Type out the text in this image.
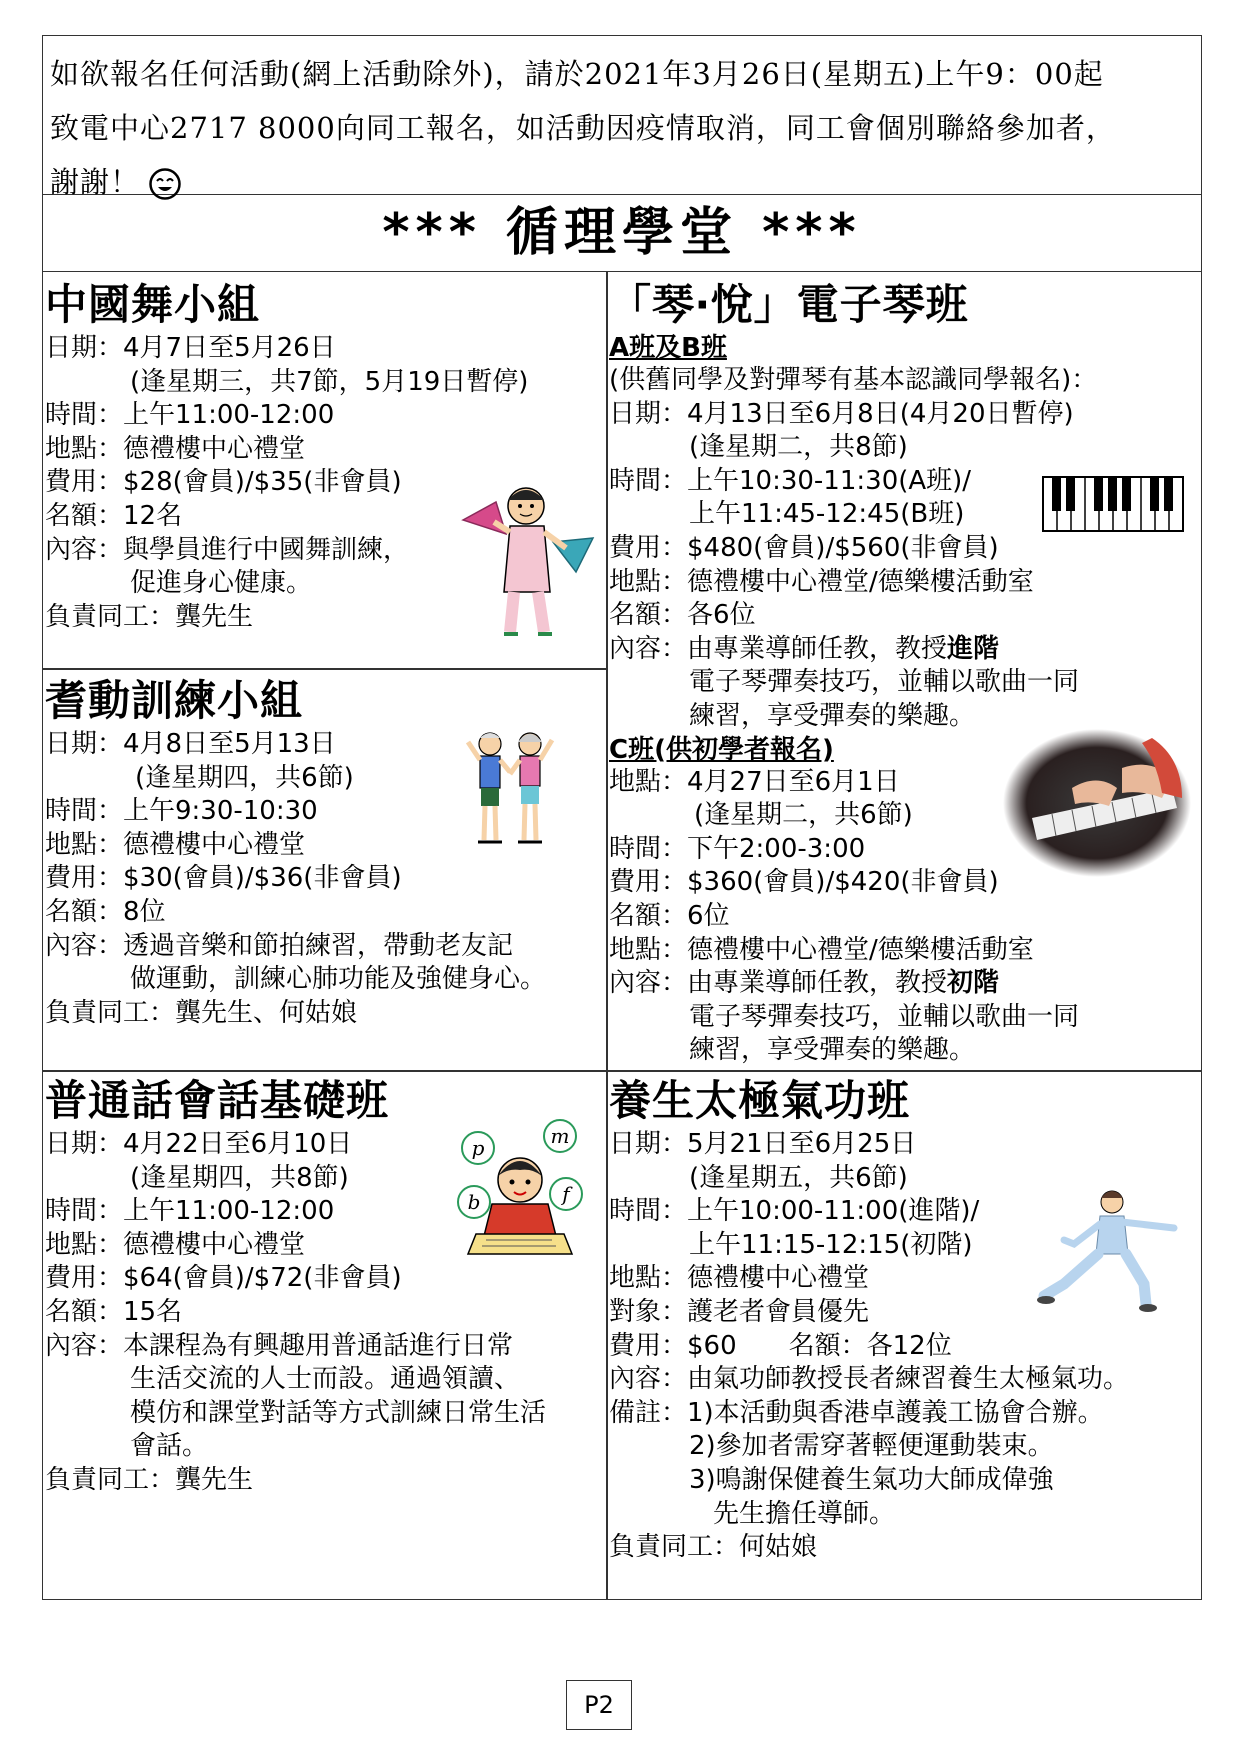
如欲報名任何活動(網上活動除外)，請於2021年3月26日(星期五)上午9：00起
致電中心2717 8000向同工報名，如活動因疫情取消，同工會個別聯絡參加者，
謝謝！
*** 循理學堂 ***
中國舞小組
日期：4月7日至5月26日
(逢星期三，共7節，5月19日暫停)
時間：上午11:00-12:00
地點：德禮樓中心禮堂
費用：$28(會員)/$35(非會員)
名額：12名
內容：與學員進行中國舞訓練，
促進身心健康。
負責同工：龔先生
耆動訓練小組
日期：4月8日至5月13日
(逢星期四，共6節)
時間：上午9:30-10:30
地點：德禮樓中心禮堂
費用：$30(會員)/$36(非會員)
名額：8位
內容：透過音樂和節拍練習，帶動老友記
做運動，訓練心肺功能及強健身心。
負責同工：龔先生、何姑娘
「琴‧悅」電子琴班
A班及B班
(供舊同學及對彈琴有基本認識同學報名)：
日期：4月13日至6月8日(4月20日暫停)
(逢星期二，共8節)
時間：上午10:30-11:30(A班)/
上午11:45-12:45(B班)
費用：$480(會員)/$560(非會員)
地點：德禮樓中心禮堂/德樂樓活動室
名額：各6位
內容：由專業導師任教，教授進階
電子琴彈奏技巧，並輔以歌曲一同
練習，享受彈奏的樂趣。
C班(供初學者報名)
地點：4月27日至6月1日
(逢星期二，共6節)
時間：下午2:00-3:00
費用：$360(會員)/$420(非會員)
名額：6位
地點：德禮樓中心禮堂/德樂樓活動室
內容：由專業導師任教，教授初階
電子琴彈奏技巧，並輔以歌曲一同
練習，享受彈奏的樂趣。
普通話會話基礎班
日期：4月22日至6月10日
(逢星期四，共8節)
時間：上午11:00-12:00
地點：德禮樓中心禮堂
費用：$64(會員)/$72(非會員)
名額：15名
內容：本課程為有興趣用普通話進行日常
生活交流的人士而設。通過領讀、
模仿和課堂對話等方式訓練日常生活
會話。
負責同工：龔先生
p	m
b	f
養生太極氣功班
日期：5月21日至6月25日
(逢星期五，共6節)
時間：上午10:00-11:00(進階)/
上午11:15-12:15(初階)
地點：德禮樓中心禮堂
對象：護老者會員優先
費用：$60　　名額：各12位
內容：由氣功師教授長者練習養生太極氣功。
備註：1)本活動與香港卓護義工協會合辦。
2)參加者需穿著輕便運動裝束。
3)鳴謝保健養生氣功大師成偉強
先生擔任導師。
負責同工：何姑娘
P2
